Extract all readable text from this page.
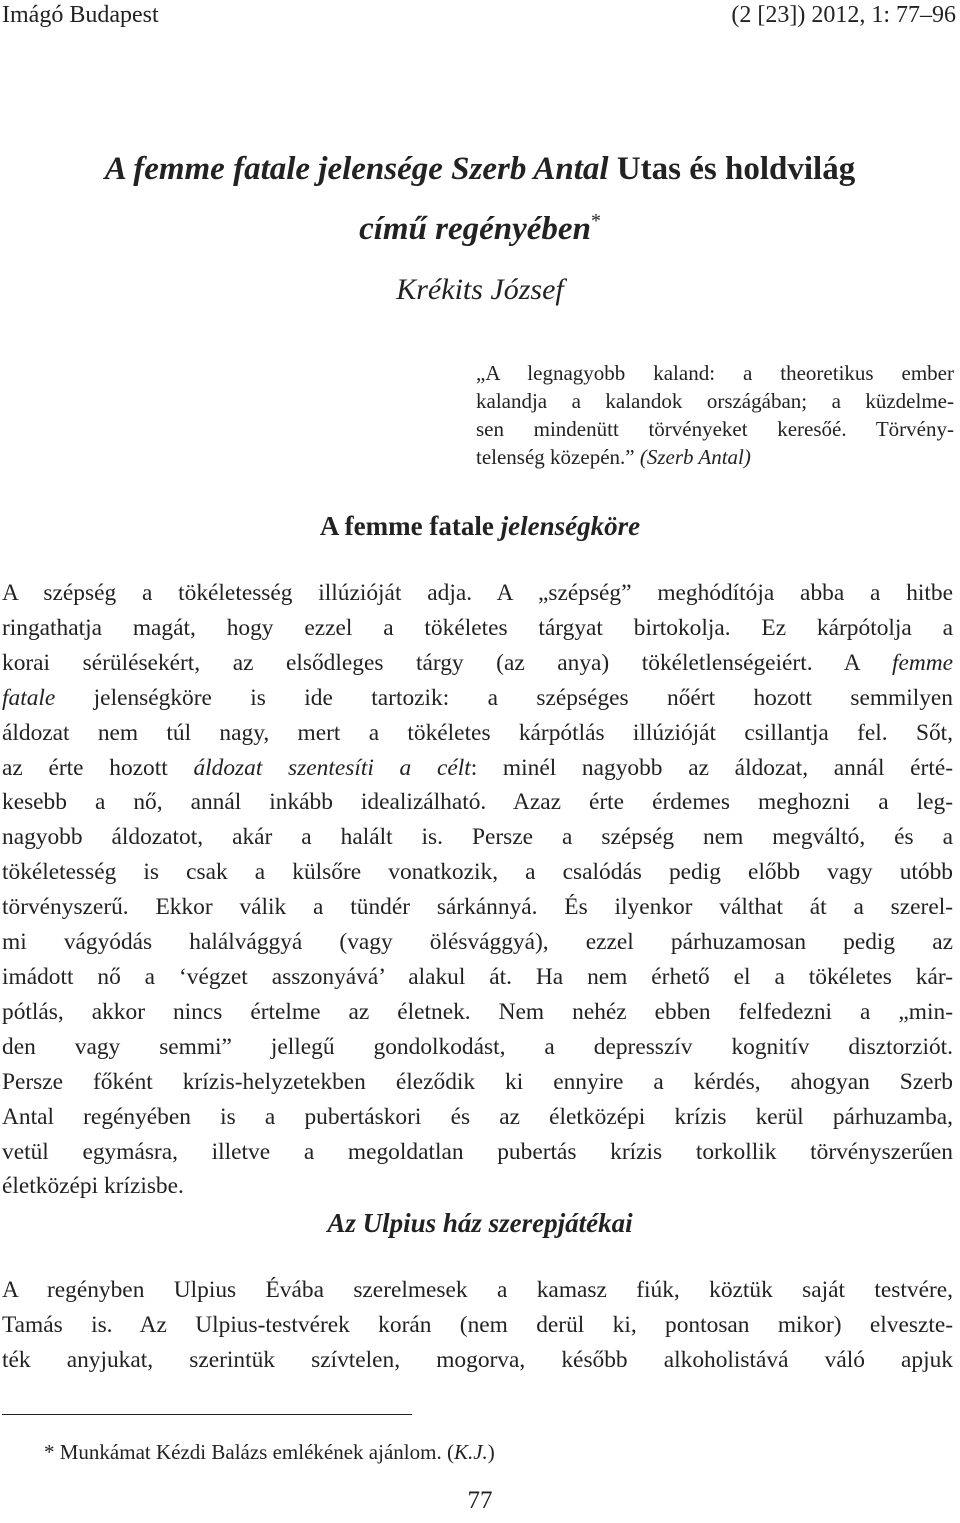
Imágó Budapest	(2 [23]) 2012, 1: 77–96
A femme fatale jelensége Szerb Antal Utas és holdvilág
című regényében*
Krékits József
„A legnagyobb kaland: a theoretikus ember
kalandja a kalandok országában; a küzdelme-
sen mindenütt törvényeket keresőé. Törvény-
telenség közepén.” (Szerb Antal)
A femme fatale jelenségköre
A szépség a tökéletesség illúzióját adja. A „szépség” meghódítója abba a hitbe
ringathatja magát, hogy ezzel a tökéletes tárgyat birtokolja. Ez kárpótolja a
korai sérülésekért, az elsődleges tárgy (az anya) tökéletlenségeiért. A femme
fatale jelenségköre is ide tartozik: a szépséges nőért hozott semmilyen
áldozat nem túl nagy, mert a tökéletes kárpótlás illúzióját csillantja fel. Sőt,
az érte hozott áldozat szentesíti a célt: minél nagyobb az áldozat, annál érté-
kesebb a nő, annál inkább idealizálható. Azaz érte érdemes meghozni a leg-
nagyobb áldozatot, akár a halált is. Persze a szépség nem megváltó, és a
tökéletesség is csak a külsőre vonatkozik, a csalódás pedig előbb vagy utóbb
törvényszerű. Ekkor válik a tündér sárkánnyá. És ilyenkor válthat át a szerel-
mi vágyódás halálvággyá (vagy ölésvággyá), ezzel párhuzamosan pedig az
imádott nő a ‘végzet asszonyává’ alakul át. Ha nem érhető el a tökéletes kár-
pótlás, akkor nincs értelme az életnek. Nem nehéz ebben felfedezni a „min-
den vagy semmi” jellegű gondolkodást, a depresszív kognitív disztorziót.
Persze főként krízis-helyzetekben éleződik ki ennyire a kérdés, ahogyan Szerb
Antal regényében is a pubertáskori és az életközépi krízis kerül párhuzamba,
vetül egymásra, illetve a megoldatlan pubertás krízis torkollik törvényszerűen
életközépi krízisbe.
Az Ulpius ház szerepjátékai
A regényben Ulpius Évába szerelmesek a kamasz fiúk, köztük saját testvére,
Tamás is. Az Ulpius-testvérek korán (nem derül ki, pontosan mikor) elveszte-
ték anyjukat, szerintük szívtelen, mogorva, később alkoholistává váló apjuk
* Munkámat Kézdi Balázs emlékének ajánlom. (K.J.)
77
